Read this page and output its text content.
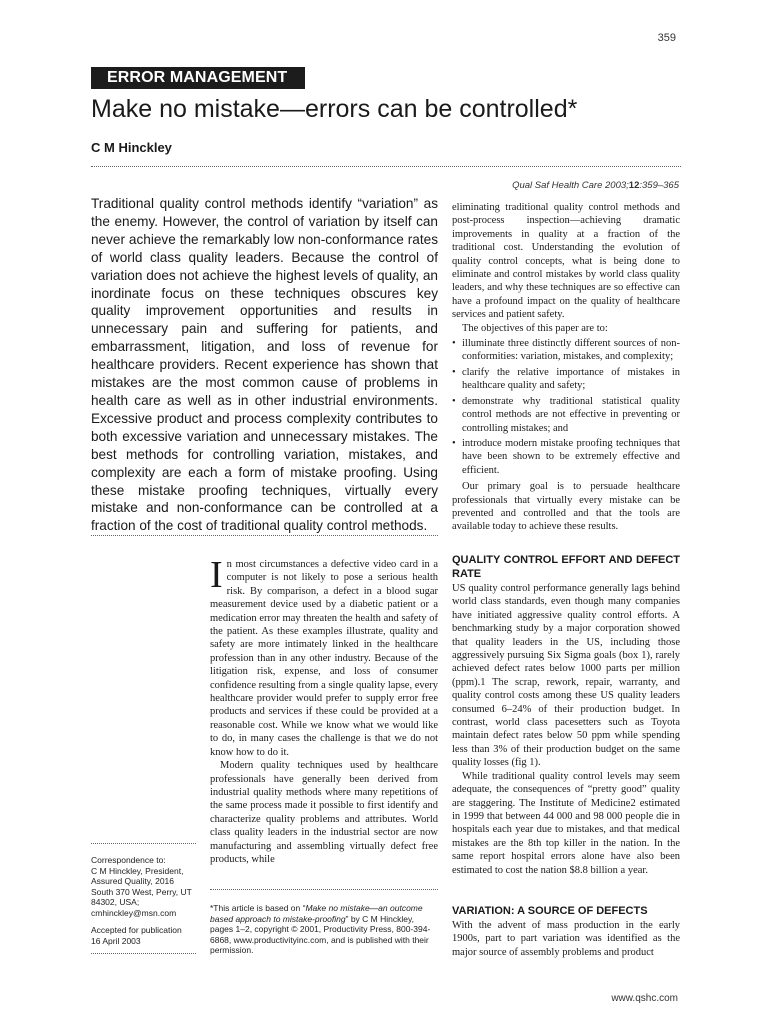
359
ERROR MANAGEMENT
Make no mistake—errors can be controlled*
C M Hinckley
Qual Saf Health Care 2003;12:359–365
Traditional quality control methods identify “variation” as the enemy. However, the control of variation by itself can never achieve the remarkably low non-conformance rates of world class quality leaders. Because the control of variation does not achieve the highest levels of quality, an inordinate focus on these techniques obscures key quality improvement opportunities and results in unnecessary pain and suffering for patients, and embarrassment, litigation, and loss of revenue for healthcare providers. Recent experience has shown that mistakes are the most common cause of problems in health care as well as in other industrial environments. Excessive product and process complexity contributes to both excessive variation and unnecessary mistakes. The best methods for controlling variation, mistakes, and complexity are each a form of mistake proofing. Using these mistake proofing techniques, virtually every mistake and non-conformance can be controlled at a fraction of the cost of traditional quality control methods.

eliminating traditional quality control methods and post-process inspection—achieving dramatic improvements in quality at a fraction of the traditional cost. Understanding the evolution of quality control concepts, what is being done to eliminate and control mistakes by world class quality leaders, and why these techniques are so effective can have a profound impact on the quality of healthcare services and patient safety.

The objectives of this paper are to:

• illuminate three distinctly different sources of non-conformities: variation, mistakes, and complexity;
• clarify the relative importance of mistakes in healthcare quality and safety;
• demonstrate why traditional statistical quality control methods are not effective in preventing or controlling mistakes; and
• introduce modern mistake proofing techniques that have been shown to be extremely effective and efficient.

Our primary goal is to persuade healthcare professionals that virtually every mistake can be prevented and controlled and that the tools are available today to achieve these results.

QUALITY CONTROL EFFORT AND DEFECT RATE

US quality control performance generally lags behind world class standards, even though many companies have initiated aggressive quality control efforts. A benchmarking study by a major corporation showed that quality leaders in the US, including those aggressively pursuing Six Sigma goals (box 1), rarely achieved defect rates below 1000 parts per million (ppm).1 The scrap, rework, repair, warranty, and quality control costs among these US quality leaders consumed 6–24% of their production budget. In contrast, world class pacesetters such as Toyota maintain defect rates below 50 ppm while spending less than 3% of their production budget on the same quality losses (fig 1).

While traditional quality control levels may seem adequate, the consequences of “pretty good” quality are staggering. The Institute of Medicine2 estimated in 1999 that between 44 000 and 98 000 people die in hospitals each year due to mistakes, and that medical mistakes are the 8th top killer in the nation. In the same report hospital errors alone have also been estimated to cost the nation $8.8 billion a year.

VARIATION: A SOURCE OF DEFECTS
With the advent of mass production in the early 1900s, part to part variation was identified as the major source of assembly problems and product

In most circumstances a defective video card in a computer is not likely to pose a serious health risk. By comparison, a defect in a blood sugar measurement device used by a diabetic patient or a medication error may threaten the health and safety of the patient. As these examples illustrate, quality and safety are more intimately linked in the healthcare profession than in any other industry. Because of the litigation risk, expense, and loss of consumer confidence resulting from a single quality lapse, every healthcare provider would prefer to supply error free products and services if these could be provided at a reasonable cost. While we know what we would like to do, in many cases the challenge is that we do not know how to do it.

Modern quality techniques used by healthcare professionals have generally been derived from industrial quality methods where many repetitions of the same process made it possible to first identify and characterize quality problems and attributes. World class quality leaders in the industrial sector are now manufacturing and assembling virtually defect free products, while

Correspondence to:
C M Hinckley, President,
Assured Quality, 2016
South 370 West, Perry, UT
84302, USA;
cmhinckley@msn.com
Accepted for publication
16 April 2003
*This article is based on “Make no mistake—an outcome based approach to mistake-proofing” by C M Hinckley, pages 1–2, copyright © 2001, Productivity Press, 800-394-6868, www.productivityinc.com, and is published with their permission.
www.qshc.com
